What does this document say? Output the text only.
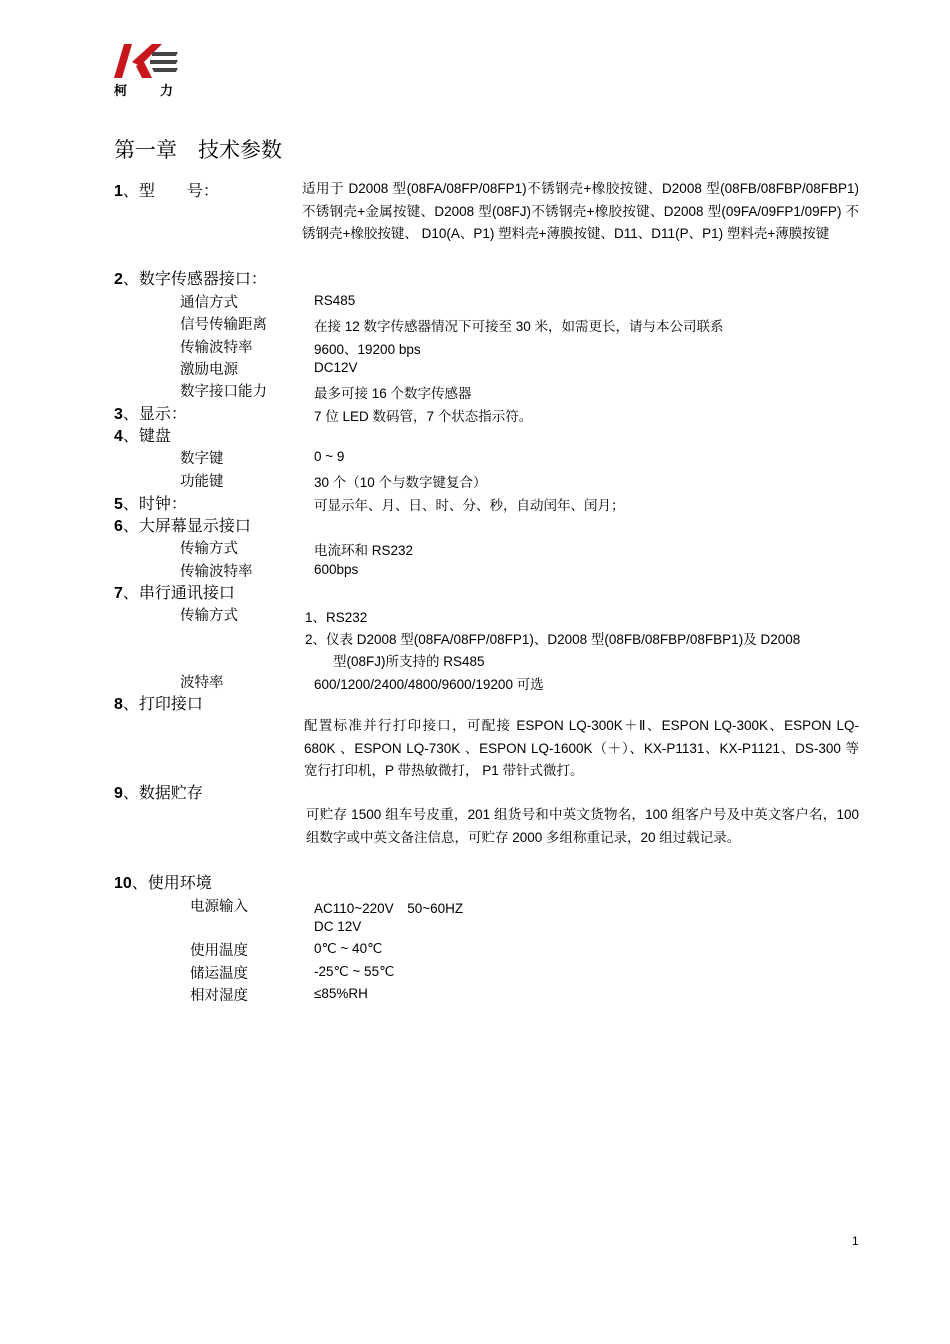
柯	力
第一章　技术参数
1、型　　号：	适用于 D2008 型(08FA/08FP/08FP1)不锈钢壳+橡胶按键、D2008 型(08FB/08FBP/08FBP1)不锈钢壳+金属按键、D2008 型(08FJ)不锈钢壳+橡胶按键、D2008 型(09FA/09FP1/09FP) 不锈钢壳+橡胶按键、 D10(A、P1) 塑料壳+薄膜按键、D11、D11(P、P1) 塑料壳+薄膜按键
2、数字传感器接口：
通信方式	RS485
信号传输距离	在接 12 数字传感器情况下可接至 30 米，如需更长，请与本公司联系
传输波特率	9600、19200 bps
激励电源	DC12V
数字接口能力	最多可接 16 个数字传感器
3、显示：	7 位 LED 数码管，7 个状态指示符。
4、键盘
数字键	0 ~ 9
功能键	30 个（10 个与数字键复合）
5、时钟：	可显示年、月、日、时、分、秒，自动闰年、闰月；
6、大屏幕显示接口
传输方式	电流环和 RS232
传输波特率	600bps
7、串行通讯接口
传输方式	1、RS232
2、仪表 D2008 型(08FA/08FP/08FP1)、D2008 型(08FB/08FBP/08FBP1)及 D2008
型(08FJ)所支持的 RS485
波特率	600/1200/2400/4800/9600/19200 可选
8、打印接口
配置标准并行打印接口，可配接 ESPON LQ-300K＋Ⅱ、ESPON LQ-300K、ESPON LQ-680K 、ESPON LQ-730K 、ESPON LQ-1600K（＋）、KX-P1131、KX-P1121、DS-300 等宽行打印机，P 带热敏微打， P1 带针式微打。
9、数据贮存
可贮存 1500 组车号皮重，201 组货号和中英文货物名，100 组客户号及中英文客户名，100 组数字或中英文备注信息，可贮存 2000 多组称重记录，20 组过载记录。
10、使用环境
电源输入	AC110~220V　50~60HZ
DC 12V
使用温度	0℃ ~ 40℃
储运温度	-25℃ ~ 55℃
相对湿度	≤85%RH
1
